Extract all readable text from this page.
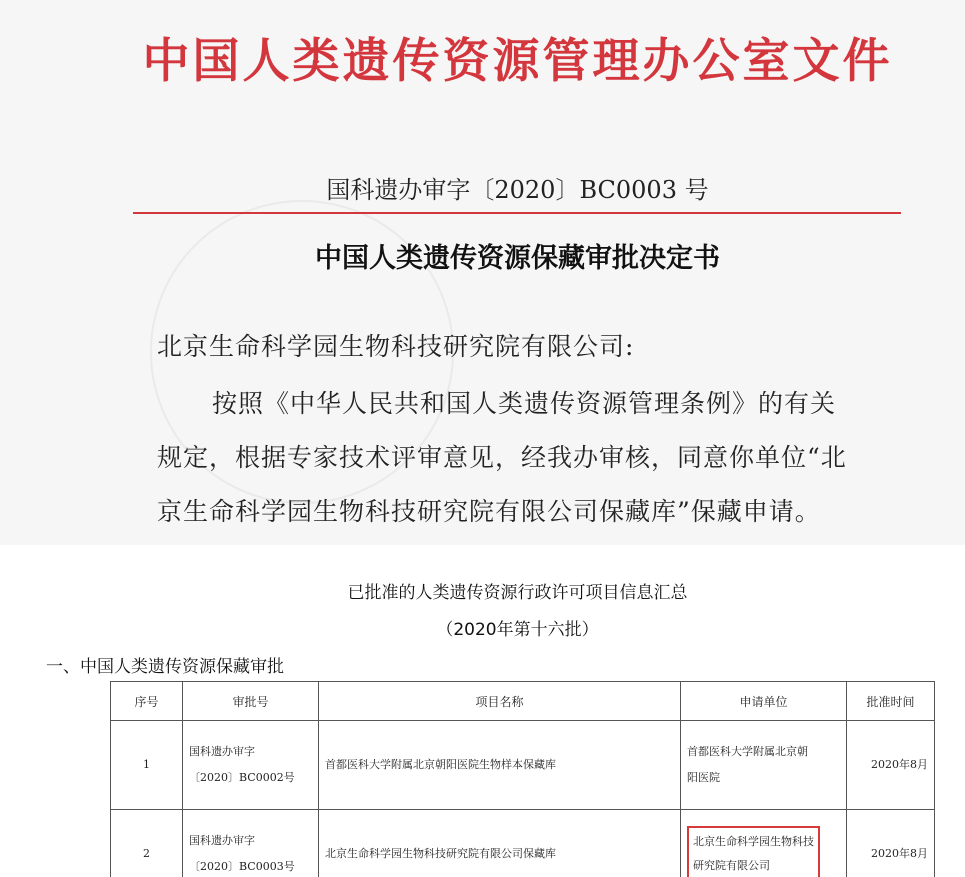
中国人类遗传资源管理办公室文件
国科遗办审字〔2020〕BC0003 号
中国人类遗传资源保藏审批决定书
北京生命科学园生物科技研究院有限公司:
按照《中华人民共和国人类遗传资源管理条例》的有关
规定，根据专家技术评审意见，经我办审核，同意你单位“北
京生命科学园生物科技研究院有限公司保藏库”保藏申请。
已批准的人类遗传资源行政许可项目信息汇总
（2020年第十六批）
一、中国人类遗传资源保藏审批
序号	审批号	项目名称	申请单位	批准时间
1	国科遗办审字
〔2020〕BC0002号	首都医科大学附属北京朝阳医院生物样本保藏库	首都医科大学附属北京朝
阳医院	2020年8月
2	国科遗办审字
〔2020〕BC0003号	北京生命科学园生物科技研究院有限公司保藏库	北京生命科学园生物科技
研究院有限公司	2020年8月
